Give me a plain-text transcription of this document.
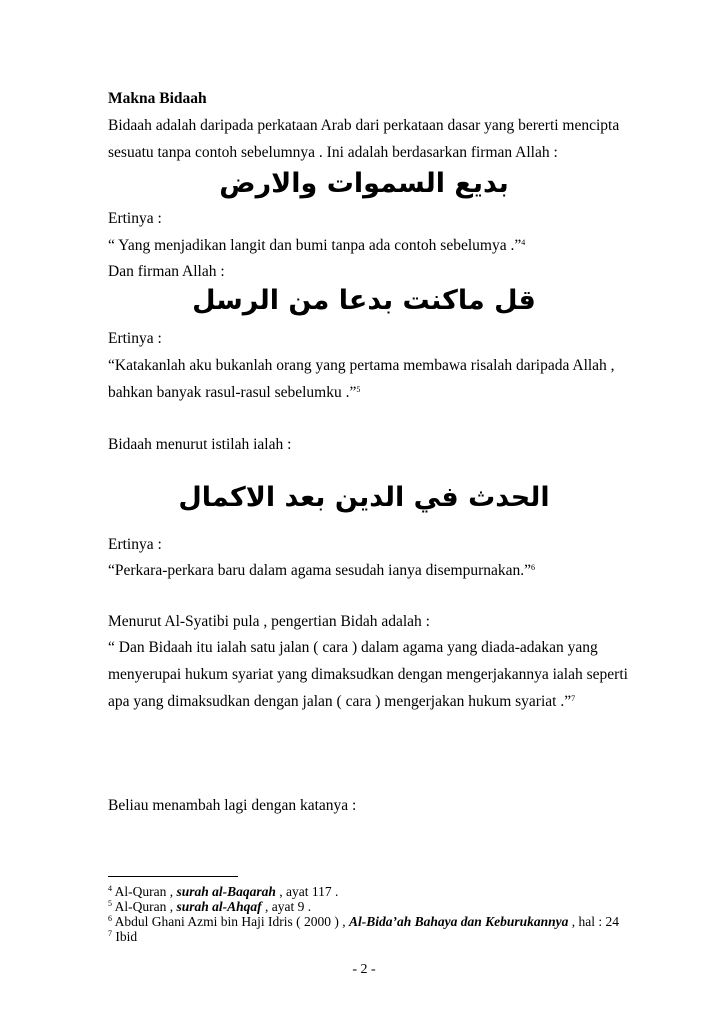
Makna Bidaah
Bidaah adalah daripada perkataan Arab dari perkataan dasar yang bererti mencipta
sesuatu tanpa contoh sebelumnya . Ini adalah berdasarkan firman Allah :
بديع السموات والارض
Ertinya :
“ Yang menjadikan langit dan bumi tanpa ada contoh sebelumya .”$^4$
Dan firman Allah :
قل ماكنت بدعا من الرسل
Ertinya :
“Katakanlah aku bukanlah orang yang pertama membawa risalah daripada Allah ,
bahkan banyak rasul-rasul sebelumku .”$^5$
Bidaah menurut istilah ialah :
الحدث في الدين بعد الاكمال
Ertinya :
“Perkara-perkara baru dalam agama sesudah ianya disempurnakan.”$^6$
Menurut Al-Syatibi pula , pengertian Bidah adalah :
“ Dan Bidaah itu ialah satu jalan ( cara ) dalam agama yang diada-adakan yang
menyerupai hukum syariat yang dimaksudkan dengan mengerjakannya ialah seperti
apa yang dimaksudkan dengan jalan ( cara ) mengerjakan hukum syariat .”$^7$
Beliau menambah lagi dengan katanya :
$^4$ Al-Quran , surah al-Baqarah , ayat 117 .
$^5$ Al-Quran , surah al-Ahqaf , ayat 9 .
$^6$ Abdul Ghani Azmi bin Haji Idris ( 2000 ) , Al-Bida’ah Bahaya dan Keburukannya , hal : 24
$^7$ Ibid
- 2 -
